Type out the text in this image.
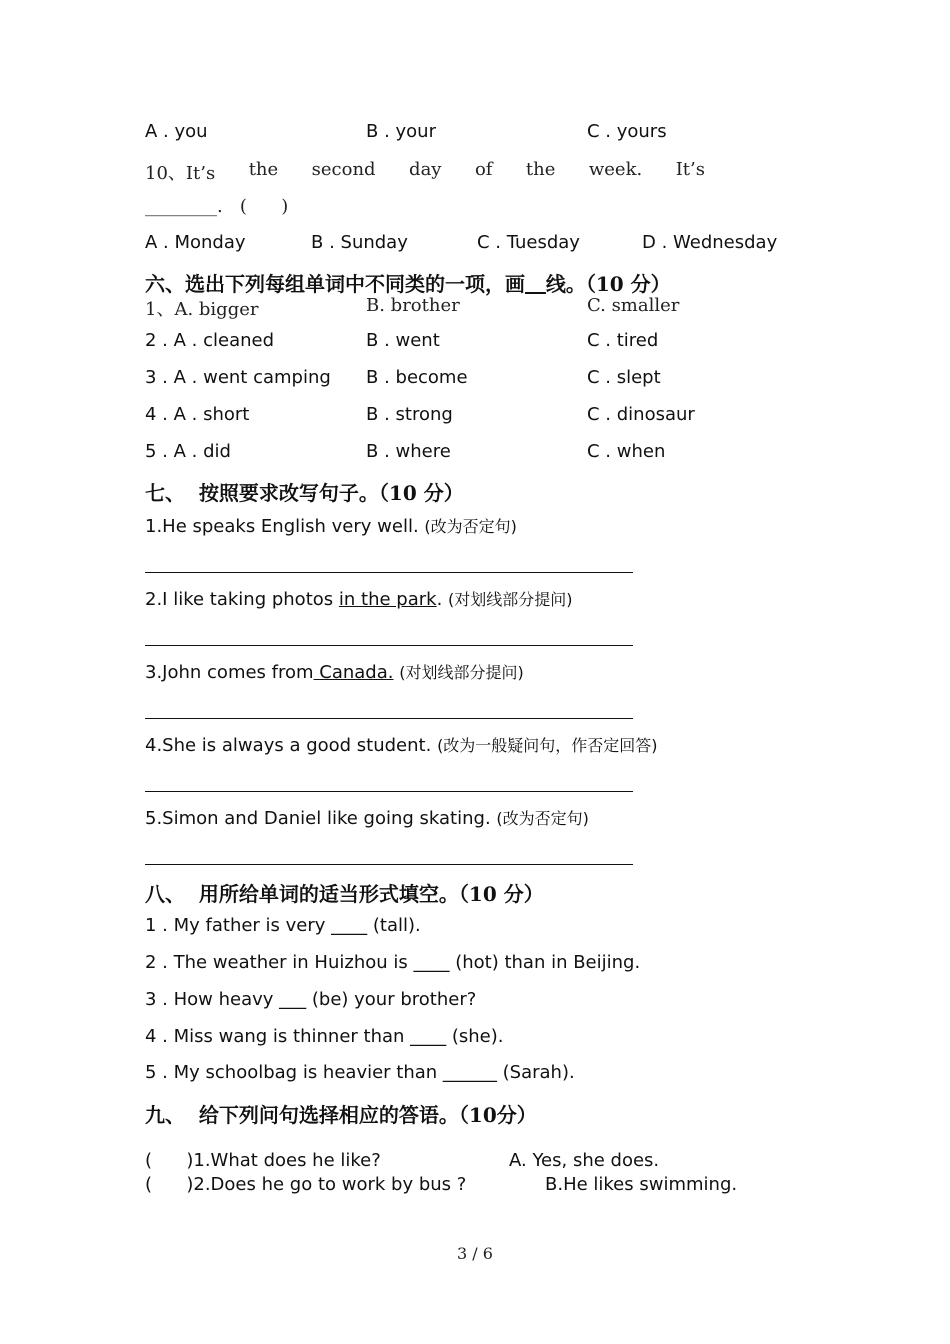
A . you	B . your	C . yours
10、It’s the second day of the week. It’s
________.   (      )
A . Monday	B . Sunday	C . Tuesday	D . Wednesday
六、选出下列每组单词中不同类的一项，画 线。（10 分）
1、A. bigger	B. brother	C. smaller
2 . A . cleaned	B . went	C . tired
3 . A . went camping B . become	C . slept
4 . A . short	B . strong	C . dinosaur
5 . A . did	B . where	C . when
七、  按照要求改写句子。（10 分）
1.He speaks English very well. (改为否定句)
2.I like taking photos in the park. (对划线部分提问)
3.John comes from Canada. (对划线部分提问)
4.She is always a good student. (改为一般疑问句，作否定回答)
5.Simon and Daniel like going skating. (改为否定句)
八、  用所给单词的适当形式填空。（10 分）
1 . My father is very ____ (tall).
2 . The weather in Huizhou is ____ (hot) than in Beijing.
3 . How heavy ___ (be) your brother?
4 . Miss wang is thinner than ____ (she).
5 . My schoolbag is heavier than ______ (Sarah).
九、  给下列问句选择相应的答语。（10分）
(      )1.What does he like?	A. Yes, she does.
(      )2.Does he go to work by bus ?	B.He likes swimming.
3 / 6
